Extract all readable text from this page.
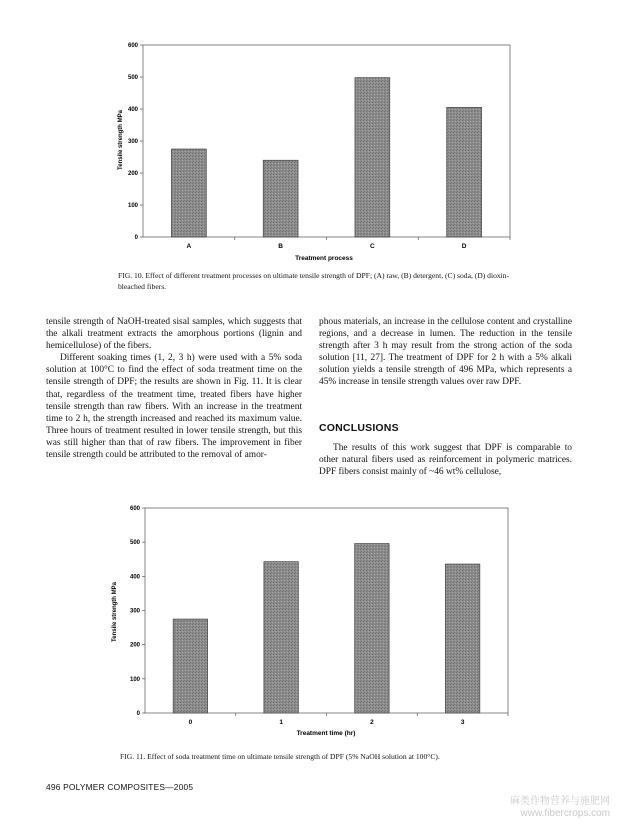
0
100
200
300
400
500
600
A	B	C	D
Treatment process
Tensile strength MPa
FIG. 10. Effect of different treatment processes on ultimate tensile strength of DPF; (A) raw, (B) detergent, (C) soda, (D) dioxin-bleached fibers.

tensile strength of NaOH-treated sisal samples, which suggests that the alkali treatment extracts the amorphous portions (lignin and hemicellulose) of the fibers.

Different soaking times (1, 2, 3 h) were used with a 5% soda solution at 100°C to find the effect of soda treatment time on the tensile strength of DPF; the results are shown in Fig. 11. It is clear that, regardless of the treatment time, treated fibers have higher tensile strength than raw fibers. With an increase in the treatment time to 2 h, the strength increased and reached its maximum value. Three hours of treatment resulted in lower tensile strength, but this was still higher than that of raw fibers. The improvement in fiber tensile strength could be attributed to the removal of amor-

phous materials, an increase in the cellulose content and crystalline regions, and a decrease in lumen. The reduction in the tensile strength after 3 h may result from the strong action of the soda solution [11, 27]. The treatment of DPF for 2 h with a 5% alkali solution yields a tensile strength of 496 MPa, which represents a 45% increase in tensile strength values over raw DPF.

CONCLUSIONS

The results of this work suggest that DPF is comparable to other natural fibers used as reinforcement in polymeric matrices. DPF fibers consist mainly of ~46 wt% cellulose,

0
100
200
300
400
500
600
0	1	2	3
Treatment time (hr)
Tensile strength MPa
FIG. 11. Effect of soda treatment time on ultimate tensile strength of DPF (5% NaOH solution at 100°C).
496 POLYMER COMPOSITES—2005
麻类作物营养与施肥网
www.fibercrops.com
